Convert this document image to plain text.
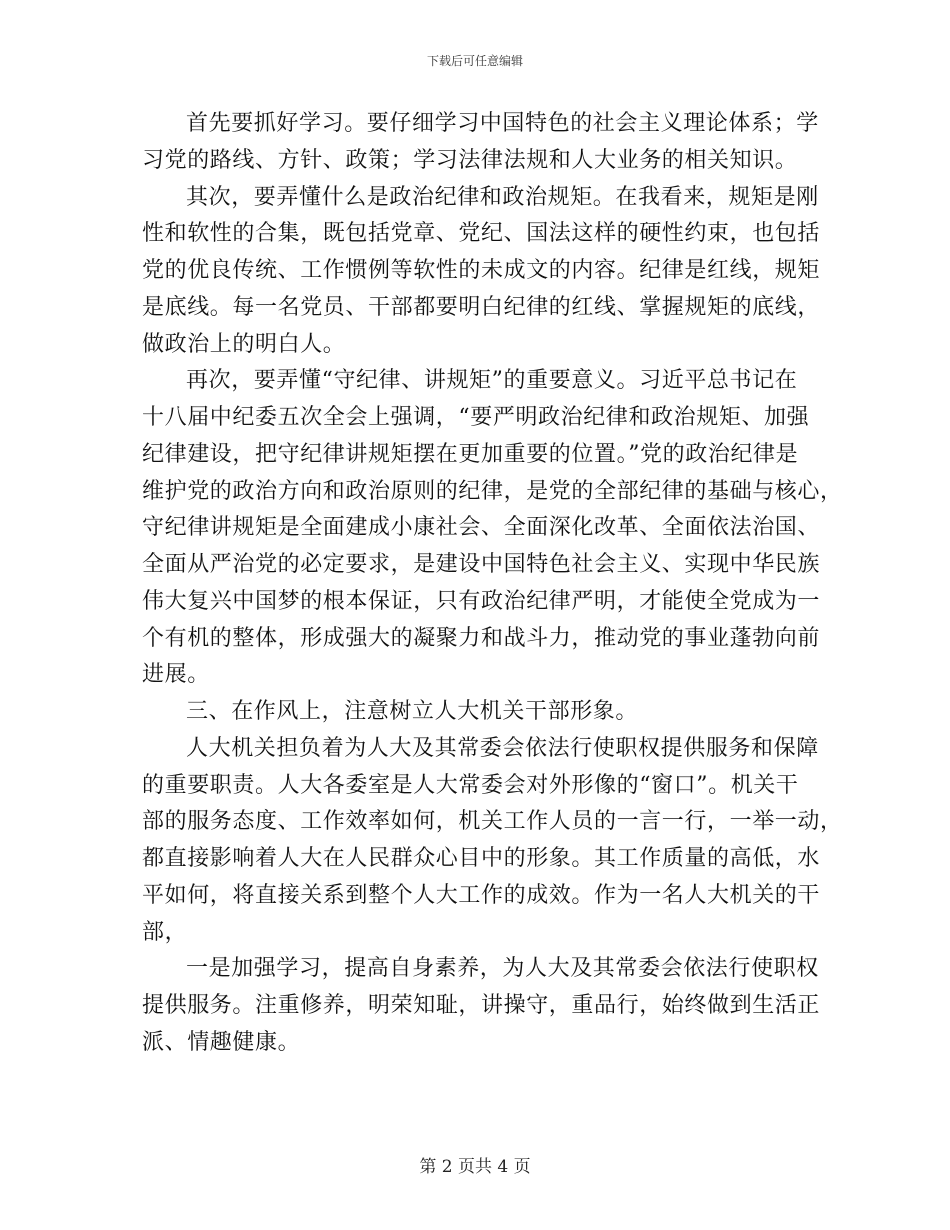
下载后可任意编辑
首先要抓好学习。要仔细学习中国特色的社会主义理论体系；学
习党的路线、方针、政策；学习法律法规和人大业务的相关知识。
其次，要弄懂什么是政治纪律和政治规矩。在我看来，规矩是刚
性和软性的合集，既包括党章、党纪、国法这样的硬性约束，也包括
党的优良传统、工作惯例等软性的未成文的内容。纪律是红线，规矩
是底线。每一名党员、干部都要明白纪律的红线、掌握规矩的底线，
做政治上的明白人。
再次，要弄懂“守纪律、讲规矩”的重要意义。习近平总书记在
十八届中纪委五次全会上强调，“要严明政治纪律和政治规矩、加强
纪律建设，把守纪律讲规矩摆在更加重要的位置。”党的政治纪律是
维护党的政治方向和政治原则的纪律，是党的全部纪律的基础与核心，
守纪律讲规矩是全面建成小康社会、全面深化改革、全面依法治国、
全面从严治党的必定要求，是建设中国特色社会主义、实现中华民族
伟大复兴中国梦的根本保证，只有政治纪律严明，才能使全党成为一
个有机的整体，形成强大的凝聚力和战斗力，推动党的事业蓬勃向前
进展。
三、在作风上，注意树立人大机关干部形象。
人大机关担负着为人大及其常委会依法行使职权提供服务和保障
的重要职责。人大各委室是人大常委会对外形像的“窗口”。机关干
部的服务态度、工作效率如何，机关工作人员的一言一行，一举一动，
都直接影响着人大在人民群众心目中的形象。其工作质量的高低，水
平如何，将直接关系到整个人大工作的成效。作为一名人大机关的干
部，
一是加强学习，提高自身素养，为人大及其常委会依法行使职权
提供服务。注重修养，明荣知耻，讲操守，重品行，始终做到生活正
派、情趣健康。
第 2 页共 4 页
